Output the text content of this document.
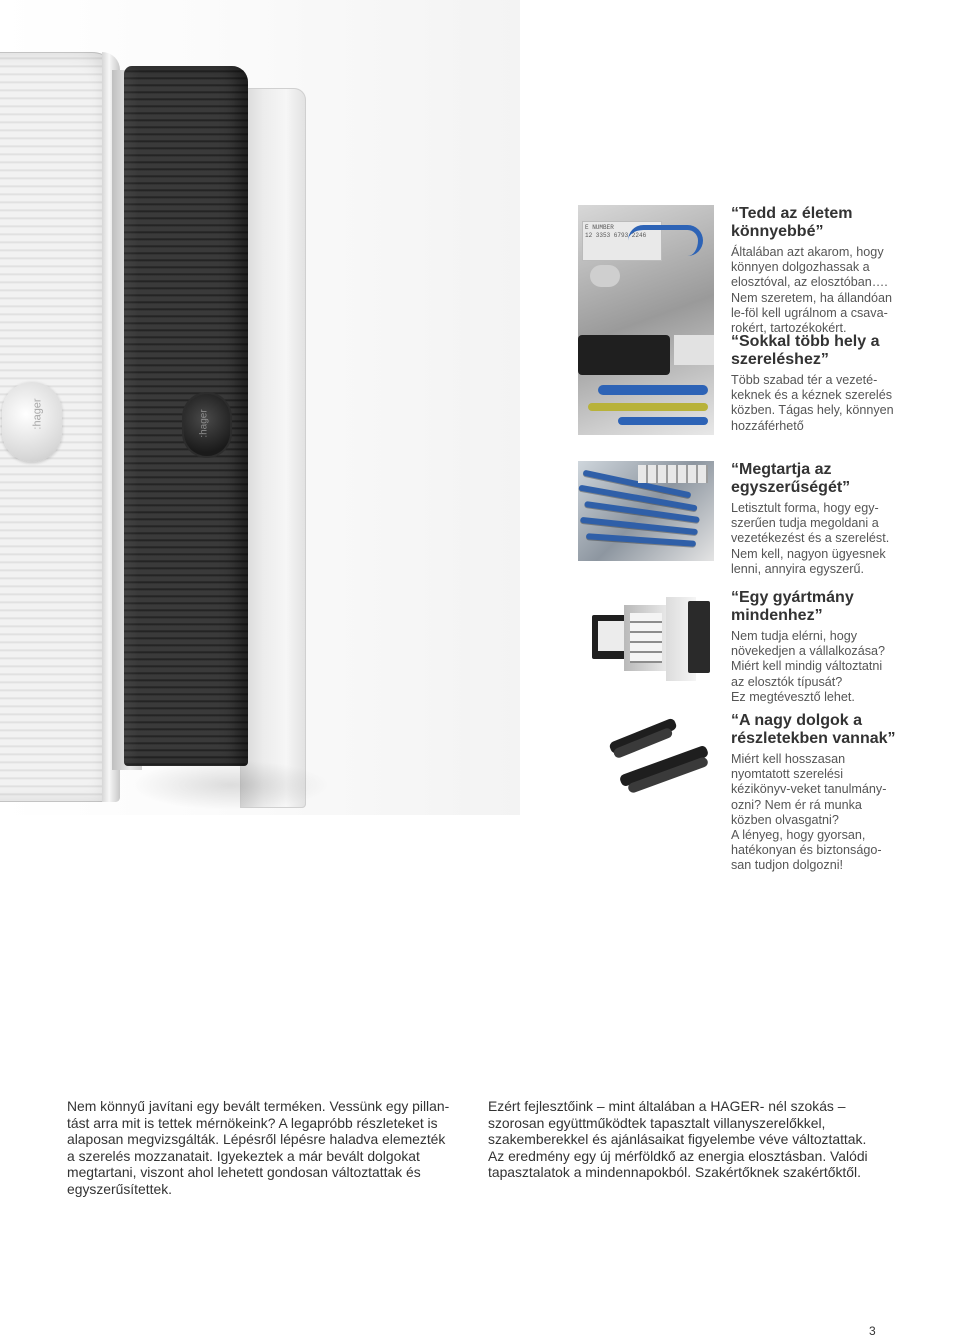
:hager	:hager
E NUMBER
12 3353 6793 2246
“Tedd az életem
könnyebbé”

Általában azt akarom, hogy
könnyen dolgozhassak a
elosztóval, az elosztóban….
Nem szeretem, ha állandóan
le-föl kell ugrálnom a csava-
rokért, tartozékokért.

“Sokkal több hely a
szereléshez”

Több szabad tér a vezeté-
keknek és a kéznek szerelés
közben. Tágas hely, könnyen
hozzáférhető

“Megtartja az
egyszerűségét”

Letisztult forma, hogy egy-
szerűen tudja megoldani a
vezetékezést és a szerelést.
Nem kell, nagyon ügyesnek
lenni, annyira egyszerű.

“Egy gyártmány
mindenhez”

Nem tudja elérni, hogy
növekedjen a vállalkozása?
Miért kell mindig változtatni
az elosztók típusát?
Ez megtévesztő lehet.

“A nagy dolgok a
részletekben vannak”

Miért kell hosszasan
nyomtatott szerelési
kézikönyv-veket tanulmány-
ozni? Nem ér rá munka
közben olvasgatni?
A lényeg, hogy gyorsan,
hatékonyan és biztonságo-
san tudjon dolgozni!

Nem könnyű javítani egy bevált terméken. Vessünk egy pillan-
tást arra mit is tettek mérnökeink? A legapróbb részleteket is
alaposan megvizsgálták. Lépésről lépésre haladva elemezték
a szerelés mozzanatait. Igyekeztek a már bevált dolgokat
megtartani, viszont ahol lehetett gondosan változtattak és
egyszerűsítettek.
Ezért fejlesztőink – mint általában a HAGER- nél szokás –
szorosan együttműködtek tapasztalt villanyszerelőkkel,
szakemberekkel és ajánlásaikat figyelembe véve változtattak.
Az eredmény egy új mérföldkő az energia elosztásban. Valódi
tapasztalatok a mindennapokból. Szakértőknek szakértőktől.
3
